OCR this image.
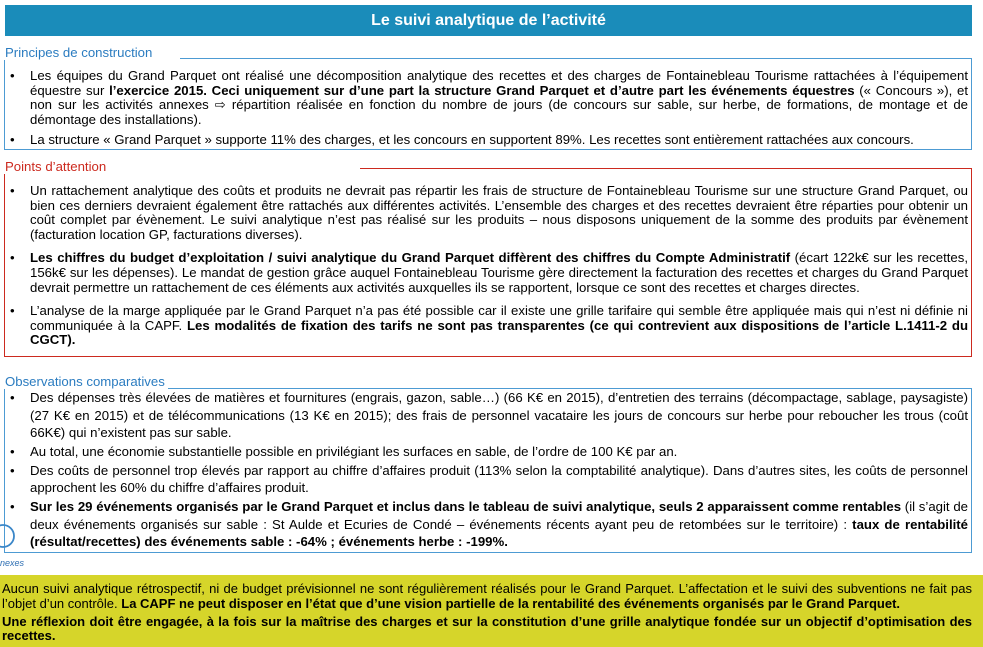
Le suivi analytique de l’activité
Principes de construction
• Les équipes du Grand Parquet ont réalisé une décomposition analytique des recettes et des charges de Fontainebleau Tourisme rattachées à l’équipement équestre sur l’exercice 2015. Ceci uniquement sur d’une part la structure Grand Parquet et d’autre part les événements équestres (« Concours »), et non sur les activités annexes ⇨ répartition réalisée en fonction du nombre de jours (de concours sur sable, sur herbe, de formations, de montage et de démontage des installations).
• La structure « Grand Parquet » supporte 11% des charges, et les concours en supportent 89%. Les recettes sont entièrement rattachées aux concours.
Points d’attention
• Un rattachement analytique des coûts et produits ne devrait pas répartir les frais de structure de Fontainebleau Tourisme sur une structure Grand Parquet, ou bien ces derniers devraient également être rattachés aux différentes activités. L’ensemble des charges et des recettes devraient être réparties pour obtenir un coût complet par évènement. Le suivi analytique n’est pas réalisé sur les produits – nous disposons uniquement de la somme des produits par évènement (facturation location GP, facturations diverses).
• Les chiffres du budget d’exploitation / suivi analytique du Grand Parquet diffèrent des chiffres du Compte Administratif (écart 122k€ sur les recettes, 156k€ sur les dépenses). Le mandat de gestion grâce auquel Fontainebleau Tourisme gère directement la facturation des recettes et charges du Grand Parquet devrait permettre un rattachement de ces éléments aux activités auxquelles ils se rapportent, lorsque ce sont des recettes et charges directes.
• L’analyse de la marge appliquée par le Grand Parquet n’a pas été possible car il existe une grille tarifaire qui semble être appliquée mais qui n’est ni définie ni communiquée à la CAPF. Les modalités de fixation des tarifs ne sont pas transparentes (ce qui contrevient aux dispositions de l’article L.1411-2 du CGCT).
Observations comparatives
• Des dépenses très élevées de matières et fournitures (engrais, gazon, sable…) (66 K€ en 2015), d’entretien des terrains (décompactage, sablage, paysagiste) (27 K€ en 2015) et de télécommunications (13 K€ en 2015); des frais de personnel vacataire les jours de concours sur herbe pour reboucher les trous (coût 66K€) qui n’existent pas sur sable.
• Au total, une économie substantielle possible en privilégiant les surfaces en sable, de l’ordre de 100 K€ par an.
• Des coûts de personnel trop élevés par rapport au chiffre d’affaires produit (113% selon la comptabilité analytique). Dans d’autres sites, les coûts de personnel approchent les 60% du chiffre d’affaires produit.
• Sur les 29 événements organisés par le Grand Parquet et inclus dans le tableau de suivi analytique, seuls 2 apparaissent comme rentables (il s’agit de deux événements organisés sur sable : St Aulde et Ecuries de Condé – événements récents ayant peu de retombées sur le territoire) : taux de rentabilité (résultat/recettes) des événements sable : -64% ; événements herbe : -199%.
nexes

Aucun suivi analytique rétrospectif, ni de budget prévisionnel ne sont régulièrement réalisés pour le Grand Parquet. L’affectation et le suivi des subventions ne fait pas l’objet d’un contrôle. La CAPF ne peut disposer en l’état que d’une vision partielle de la rentabilité des événements organisés par le Grand Parquet.

Une réflexion doit être engagée, à la fois sur la maîtrise des charges et sur la constitution d’une grille analytique fondée sur un objectif d’optimisation des recettes.
